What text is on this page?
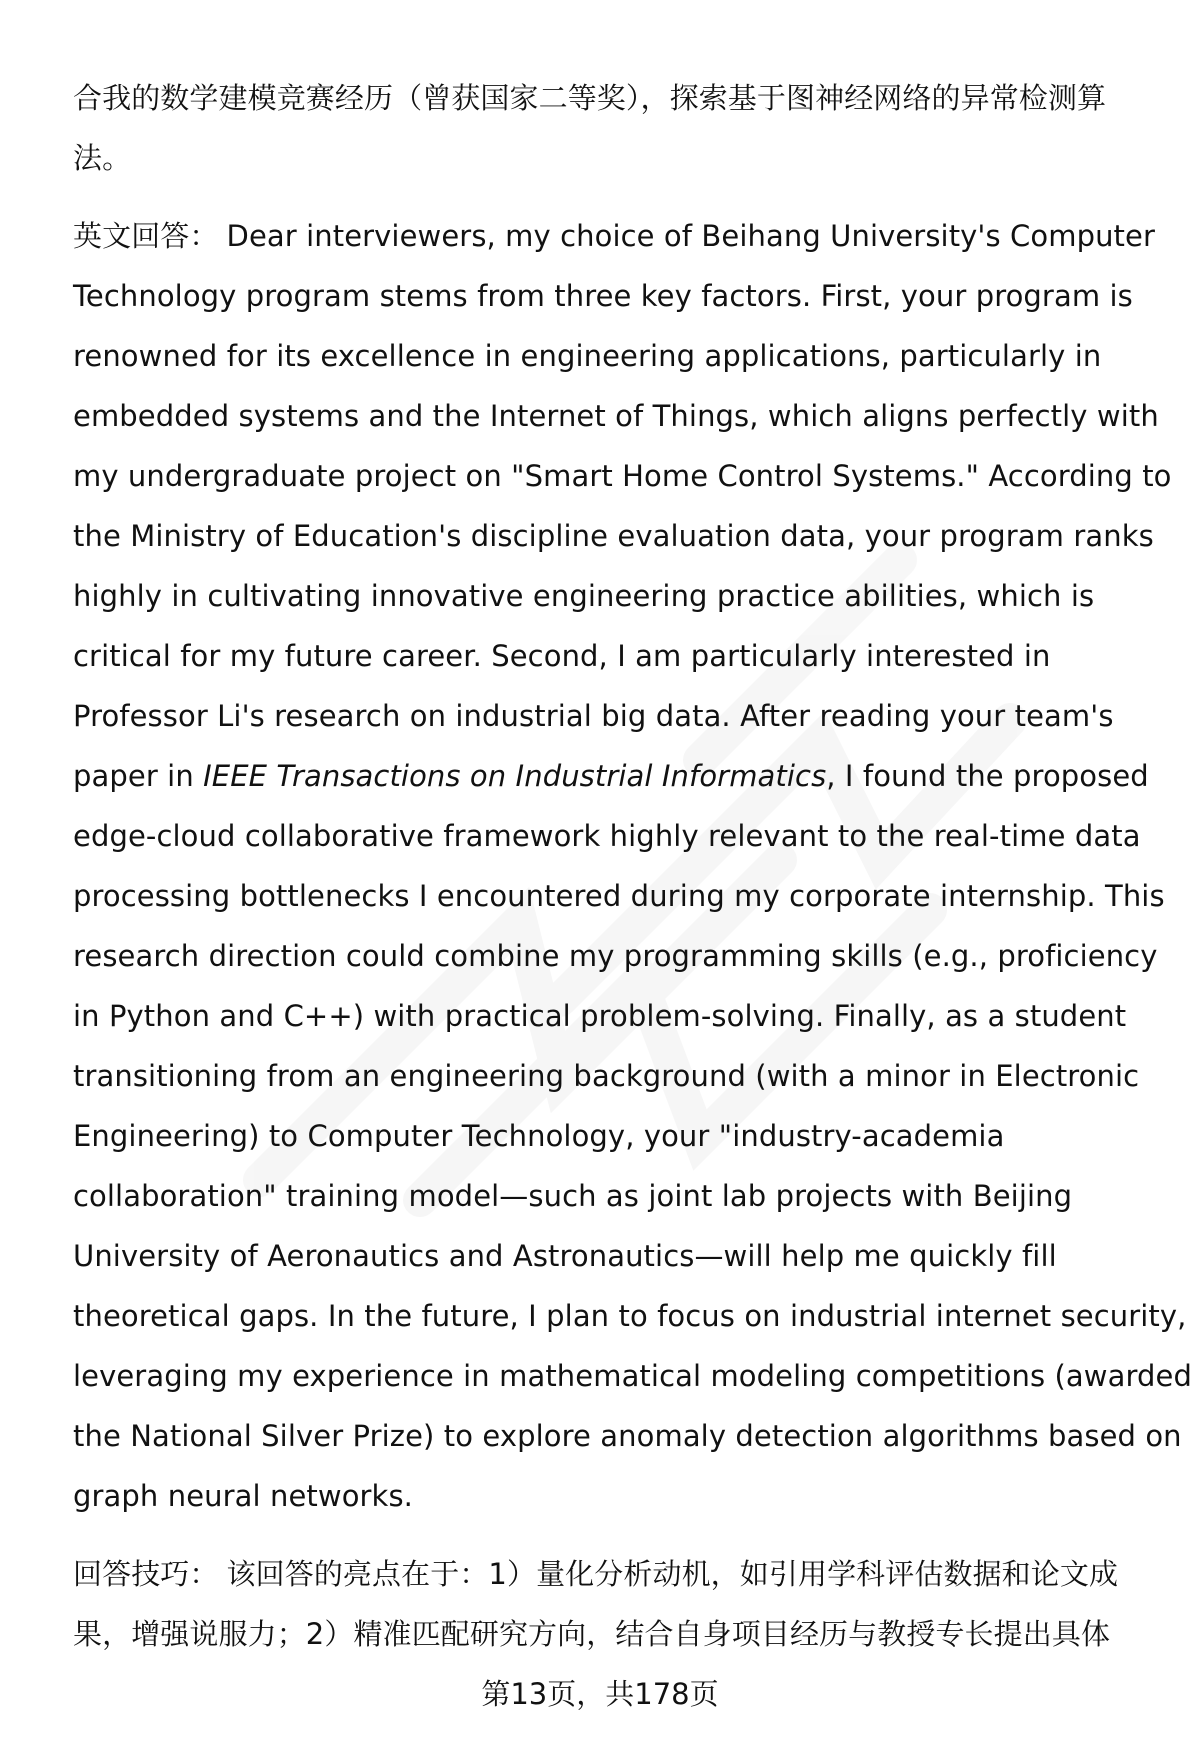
合我的数学建模竞赛经历（曾获国家二等奖），探索基于图神经网络的异常检测算

法。

英文回答： Dear interviewers, my choice of Beihang University's Computer

Technology program stems from three key factors. First, your program is

renowned for its excellence in engineering applications, particularly in

embedded systems and the Internet of Things, which aligns perfectly with

my undergraduate project on "Smart Home Control Systems." According to

the Ministry of Education's discipline evaluation data, your program ranks

highly in cultivating innovative engineering practice abilities, which is

critical for my future career. Second, I am particularly interested in

Professor Li's research on industrial big data. After reading your team's

paper in IEEE Transactions on Industrial Informatics, I found the proposed

edge-cloud collaborative framework highly relevant to the real-time data

processing bottlenecks I encountered during my corporate internship. This

research direction could combine my programming skills (e.g., proficiency

in Python and C++) with practical problem-solving. Finally, as a student

transitioning from an engineering background (with a minor in Electronic

Engineering) to Computer Technology, your "industry-academia

collaboration" training model—such as joint lab projects with Beijing

University of Aeronautics and Astronautics—will help me quickly fill

theoretical gaps. In the future, I plan to focus on industrial internet security,

leveraging my experience in mathematical modeling competitions (awarded

the National Silver Prize) to explore anomaly detection algorithms based on

graph neural networks.

回答技巧： 该回答的亮点在于：1）量化分析动机，如引用学科评估数据和论文成

果，增强说服力；2）精准匹配研究方向，结合自身项目经历与教授专长提出具体

第13页，共178页
